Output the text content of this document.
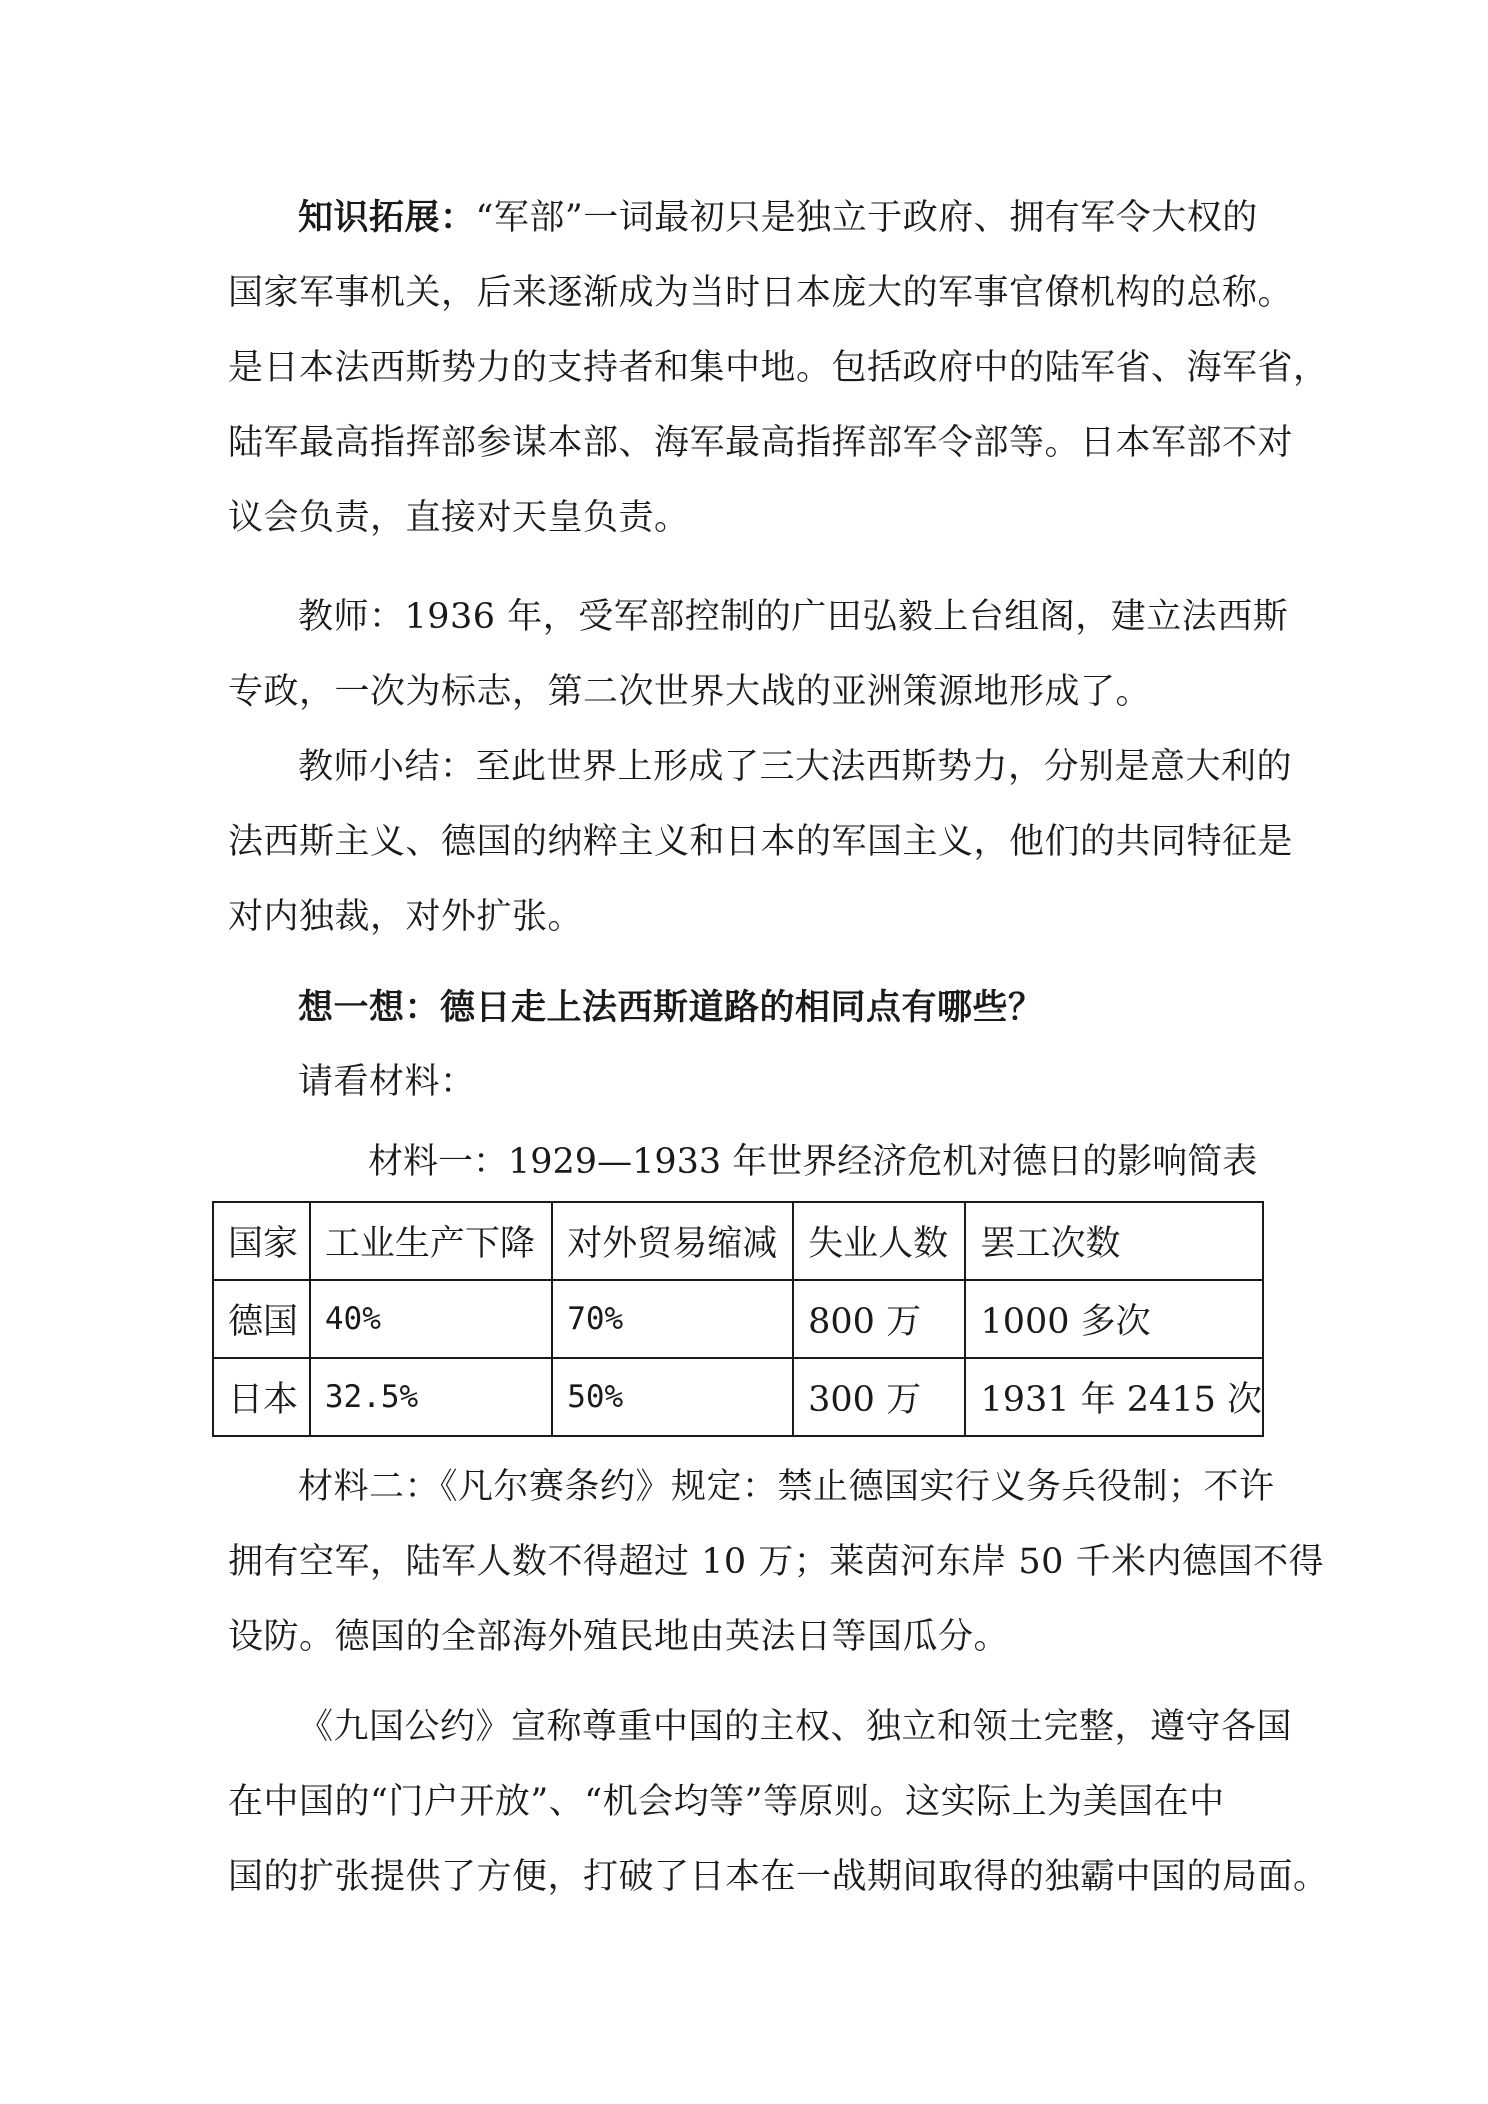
知识拓展：“军部”一词最初只是独立于政府、拥有军令大权的
国家军事机关，后来逐渐成为当时日本庞大的军事官僚机构的总称。
是日本法西斯势力的支持者和集中地。包括政府中的陆军省、海军省，
陆军最高指挥部参谋本部、海军最高指挥部军令部等。日本军部不对
议会负责，直接对天皇负责。
教师：1936 年，受军部控制的广田弘毅上台组阁，建立法西斯
专政，一次为标志，第二次世界大战的亚洲策源地形成了。
教师小结：至此世界上形成了三大法西斯势力，分别是意大利的
法西斯主义、德国的纳粹主义和日本的军国主义，他们的共同特征是
对内独裁，对外扩张。
想一想：德日走上法西斯道路的相同点有哪些？
请看材料：
材料一：1929—1933 年世界经济危机对德日的影响简表
国家	工业生产下降	对外贸易缩减	失业人数	罢工次数
德国	40%	70%	800 万	1000 多次
日本	32.5%	50%	300 万	1931 年 2415 次
材料二：《凡尔赛条约》规定：禁止德国实行义务兵役制；不许
拥有空军，陆军人数不得超过 10 万；莱茵河东岸 50 千米内德国不得
设防。德国的全部海外殖民地由英法日等国瓜分。
《九国公约》宣称尊重中国的主权、独立和领土完整，遵守各国
在中国的“门户开放”、“机会均等”等原则。这实际上为美国在中
国的扩张提供了方便，打破了日本在一战期间取得的独霸中国的局面。
